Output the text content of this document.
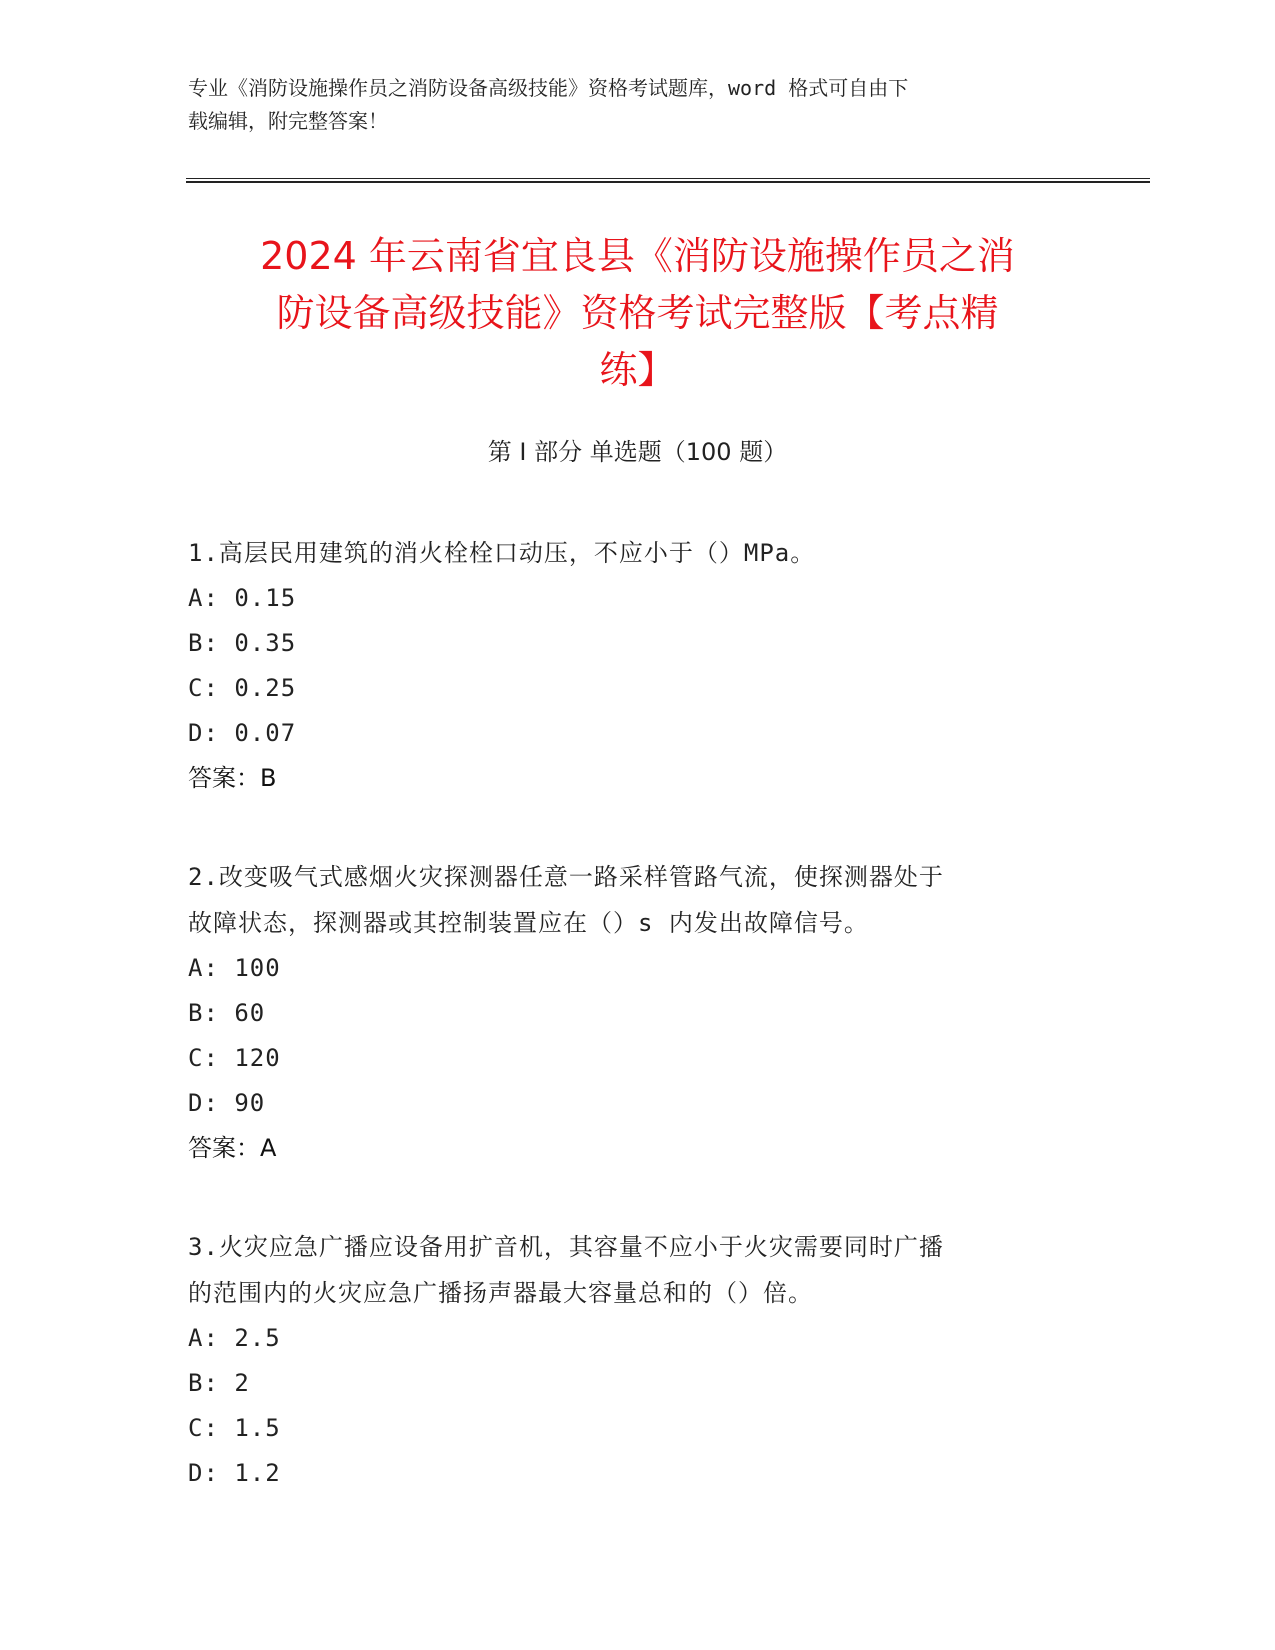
专业《消防设施操作员之消防设备高级技能》资格考试题库，word 格式可自由下
载编辑，附完整答案！
2024 年云南省宜良县《消防设施操作员之消
防设备高级技能》资格考试完整版【考点精
练】
第 I 部分 单选题（100 题）

1.高层民用建筑的消火栓栓口动压，不应小于（）MPa。

A: 0.15

B: 0.35

C: 0.25

D: 0.07

答案：B

2.改变吸气式感烟火灾探测器任意一路采样管路气流，使探测器处于

故障状态，探测器或其控制装置应在（）s 内发出故障信号。

A: 100

B: 60

C: 120

D: 90

答案：A

3.火灾应急广播应设备用扩音机，其容量不应小于火灾需要同时广播

的范围内的火灾应急广播扬声器最大容量总和的（）倍。

A: 2.5

B: 2

C: 1.5

D: 1.2
